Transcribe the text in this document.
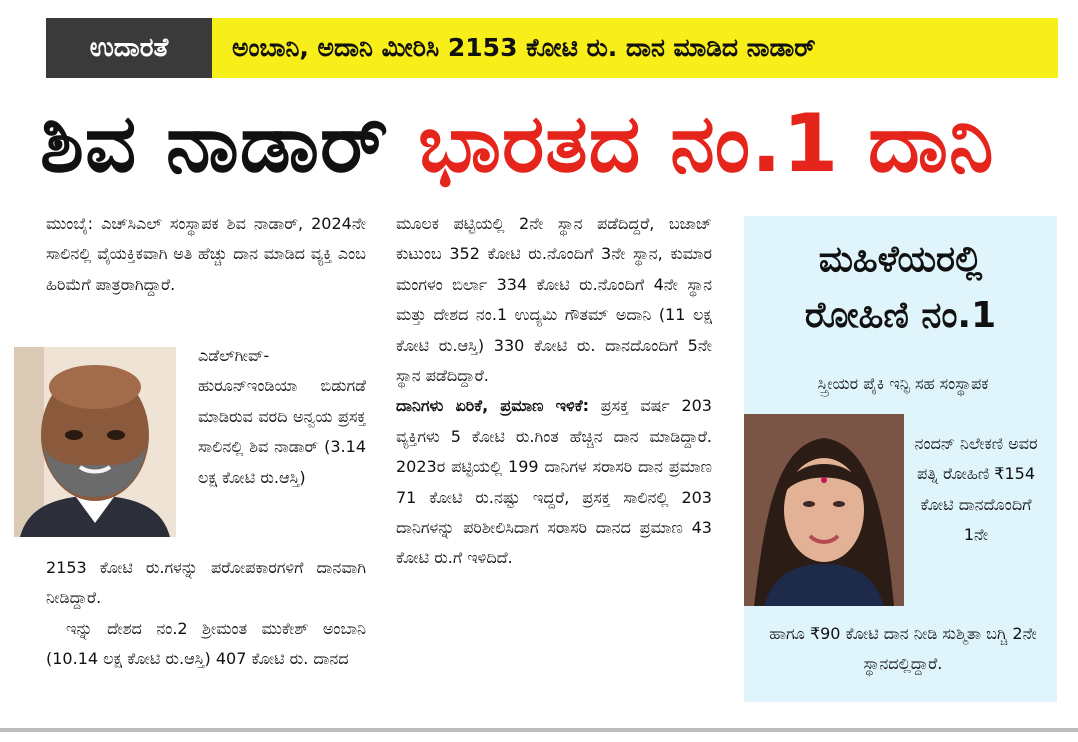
ಉದಾರತೆ	ಅಂಬಾನಿ, ಅದಾನಿ ಮೀರಿಸಿ 2153 ಕೋಟಿ ರು. ದಾನ ಮಾಡಿದ ನಾಡಾರ್
ಶಿವ ನಾಡಾರ್ ಭಾರತದ ನಂ.1 ದಾನಿ

ಮುಂಬೈ: ಎಚ್‌ಸಿಎಲ್ ಸಂಸ್ಥಾಪಕ ಶಿವ ನಾಡಾರ್, 2024ನೇ ಸಾಲಿನಲ್ಲಿ ವೈಯಕ್ತಿಕವಾಗಿ ಅತಿ ಹೆಚ್ಚು ದಾನ ಮಾಡಿದ ವ್ಯಕ್ತಿ ಎಂಬ ಹಿರಿಮೆಗೆ ಪಾತ್ರರಾಗಿದ್ದಾರೆ.

ಎಡೆಲ್‌ಗೀವ್-ಹುರೂನ್‌ಇಂಡಿಯಾ ಬಿಡುಗಡೆ ಮಾಡಿರುವ ವರದಿ ಅನ್ವಯ ಪ್ರಸಕ್ತ ಸಾಲಿನಲ್ಲಿ ಶಿವ ನಾಡಾರ್ (3.14 ಲಕ್ಷ ಕೋಟಿ ರು.ಆಸ್ತಿ)

2153 ಕೋಟಿ ರು.ಗಳನ್ನು ಪರೋಪಕಾರಗಳಿಗೆ ದಾನವಾಗಿ ನೀಡಿದ್ದಾರೆ.

ಇನ್ನು ದೇಶದ ನಂ.2 ಶ್ರೀಮಂತ ಮುಕೇಶ್ ಅಂಬಾನಿ (10.14 ಲಕ್ಷ ಕೋಟಿ ರು.ಆಸ್ತಿ) 407 ಕೋಟಿ ರು. ದಾನದ

ಮೂಲಕ ಪಟ್ಟಿಯಲ್ಲಿ 2ನೇ ಸ್ಥಾನ ಪಡೆದಿದ್ದರೆ, ಬಜಾಜ್ ಕುಟುಂಬ 352 ಕೋಟಿ ರು.ನೊಂದಿಗೆ 3ನೇ ಸ್ಥಾನ, ಕುಮಾರ ಮಂಗಳಂ ಬಿರ್ಲಾ 334 ಕೋಟಿ ರು.ನೊಂದಿಗೆ 4ನೇ ಸ್ಥಾನ ಮತ್ತು ದೇಶದ ನಂ.1 ಉದ್ಯಮಿ ಗೌತಮ್ ಅದಾನಿ (11 ಲಕ್ಷ ಕೋಟಿ ರು.ಆಸ್ತಿ) 330 ಕೋಟಿ ರು. ದಾನದೊಂದಿಗೆ 5ನೇ ಸ್ಥಾನ ಪಡೆದಿದ್ದಾರೆ.

ದಾನಿಗಳು ಏರಿಕೆ, ಪ್ರಮಾಣ ಇಳಿಕೆ: ಪ್ರಸಕ್ತ ವರ್ಷ 203 ವ್ಯಕ್ತಿಗಳು 5 ಕೋಟಿ ರು.ಗಿಂತ ಹೆಚ್ಚಿನ ದಾನ ಮಾಡಿದ್ದಾರೆ. 2023ರ ಪಟ್ಟಿಯಲ್ಲಿ 199 ದಾನಿಗಳ ಸರಾಸರಿ ದಾನ ಪ್ರಮಾಣ 71 ಕೋಟಿ ರು.ನಷ್ಟು ಇದ್ದರೆ, ಪ್ರಸಕ್ತ ಸಾಲಿನಲ್ಲಿ 203 ದಾನಿಗಳನ್ನು ಪರಿಶೀಲಿಸಿದಾಗ ಸರಾಸರಿ ದಾನದ ಪ್ರಮಾಣ 43 ಕೋಟಿ ರು.ಗೆ ಇಳಿದಿದೆ.

ಮಹಿಳೆಯರಲ್ಲಿ
ರೋಹಿಣಿ ನಂ.1
ಸ್ತ್ರೀಯರ ಪೈಕಿ ಇನ್ಫಿ ಸಹ ಸಂಸ್ಥಾಪಕ

ನಂದನ್ ನಿಲೇಕಣಿ ಅವರ ಪತ್ನಿ ರೋಹಿಣಿ ₹154 ಕೋಟಿ ದಾನದೊಂದಿಗೆ 1ನೇ

ಹಾಗೂ ₹90 ಕೋಟಿ ದಾನ ನೀಡಿ ಸುಶ್ಮಿತಾ ಬಗ್ಚಿ 2ನೇ ಸ್ಥಾನದಲ್ಲಿದ್ದಾರೆ.
